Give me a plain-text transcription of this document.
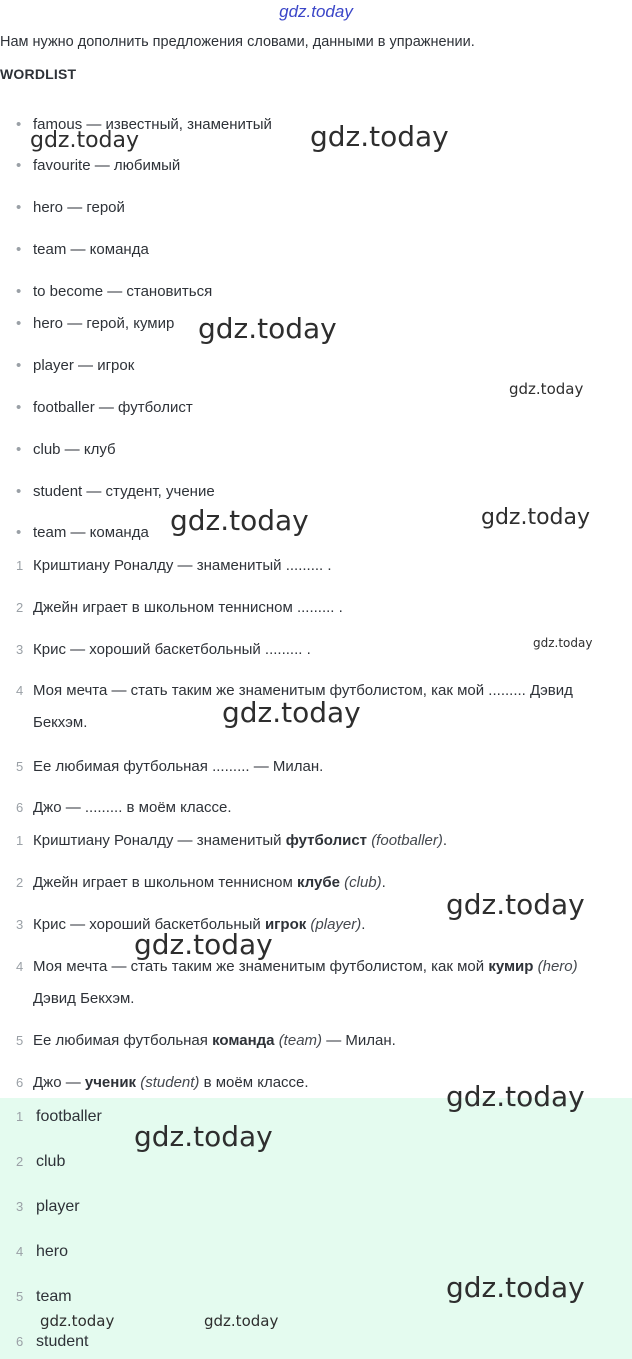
gdz.today
Нам нужно дополнить предложения словами, данными в упражнении.
WORDLIST
• famous — известный, знаменитый
• favourite — любимый
• hero — герой
• team — команда
• to become — становиться
• hero — герой, кумир
• player — игрок
• footballer — футболист
• club — клуб
• student — студент, учение
• team — команда
1 Криштиану Роналду — знаменитый ......... .
2 Джейн играет в школьном теннисном ......... .
3 Крис — хороший баскетбольный ......... .
4 Моя мечта — стать таким же знаменитым футболистом, как мой ......... Дэвид Бекхэм.
5 Ее любимая футбольная ......... — Милан.
6 Джо — ......... в моём классе.
1 Криштиану Роналду — знаменитый футболист (footballer).
2 Джейн играет в школьном теннисном клубе (club).
3 Крис — хороший баскетбольный игрок (player).
4 Моя мечта — стать таким же знаменитым футболистом, как мой кумир (hero) Дэвид Бекхэм.
5 Ее любимая футбольная команда (team) — Милан.
6 Джо — ученик (student) в моём классе.
1 footballer
2 club
3 player
4 hero
5 team
6 student
gdz.today	gdz.today
gdz.today
gdz.today
gdz.today	gdz.today
gdz.today
gdz.today
gdz.today
gdz.today
gdz.today
gdz.today
gdz.today
gdz.today	gdz.today
